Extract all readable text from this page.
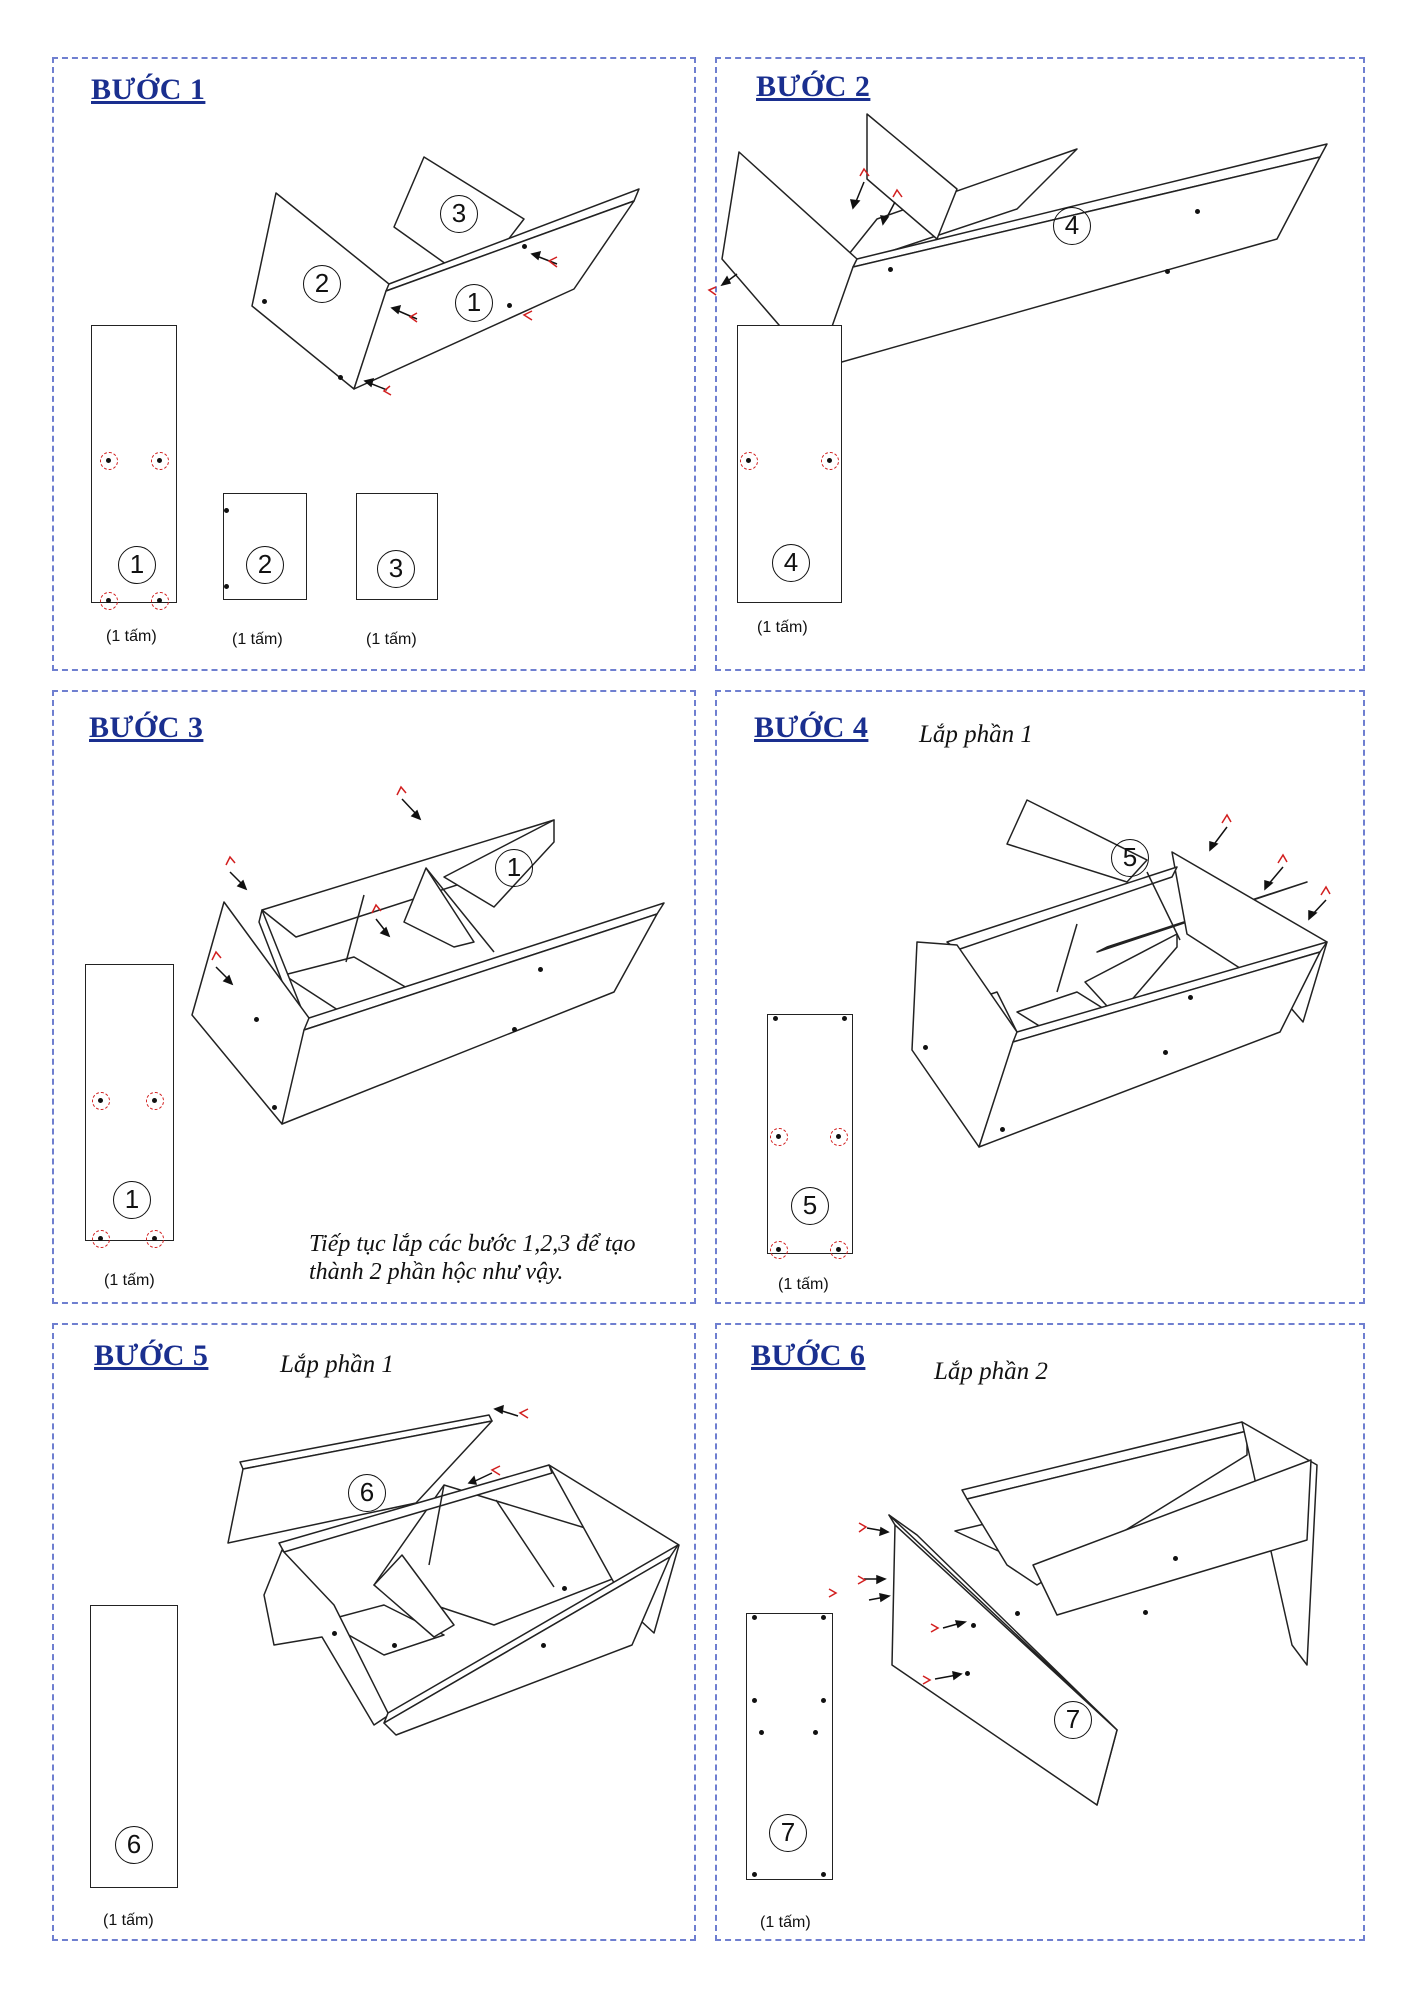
BƯỚC 1
3
2
1
1
(1 tấm)
2
(1 tấm)
3
(1 tấm)
BƯỚC 2
4
4
(1 tấm)
BƯỚC 3
1
1
(1 tấm)
Tiếp tục lắp các bước 1,2,3 để tạo
thành 2 phần hộc như vậy.
BƯỚC 4 Lắp phần 1
5
5
(1 tấm)
BƯỚC 5	Lắp phần 1
6
6
(1 tấm)
BƯỚC 6	Lắp phần 2
7
7
(1 tấm)
